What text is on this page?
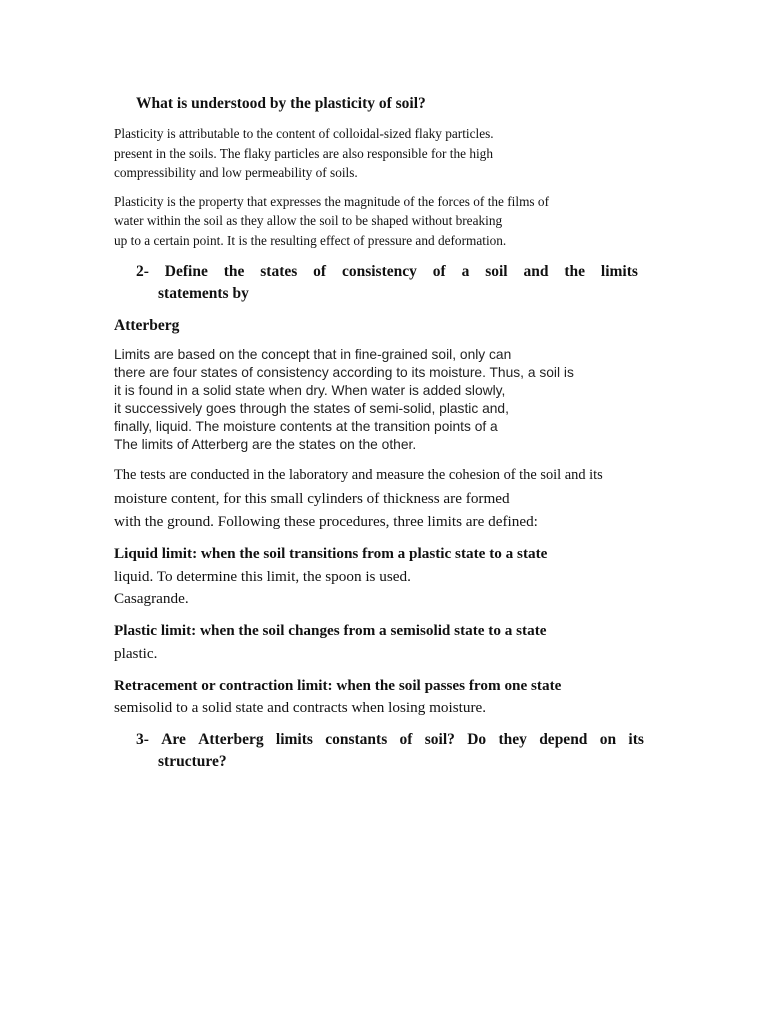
What is understood by the plasticity of soil?
Plasticity is attributable to the content of colloidal-sized flaky particles.
present in the soils. The flaky particles are also responsible for the high
compressibility and low permeability of soils.
Plasticity is the property that expresses the magnitude of the forces of the films of
water within the soil as they allow the soil to be shaped without breaking
up to a certain point. It is the resulting effect of pressure and deformation.
2- Define the states of consistency of a soil and the limits
statements by
Atterberg
Limits are based on the concept that in fine-grained soil, only can
there are four states of consistency according to its moisture. Thus, a soil is
it is found in a solid state when dry. When water is added slowly,
it successively goes through the states of semi-solid, plastic and,
finally, liquid. The moisture contents at the transition points of a
The limits of Atterberg are the states on the other.
The tests are conducted in the laboratory and measure the cohesion of the soil and its
moisture content, for this small cylinders of thickness are formed
with the ground. Following these procedures, three limits are defined:
Liquid limit: when the soil transitions from a plastic state to a state
liquid. To determine this limit, the spoon is used.
Casagrande.
Plastic limit: when the soil changes from a semisolid state to a state
plastic.
Retracement or contraction limit: when the soil passes from one state
semisolid to a solid state and contracts when losing moisture.
3- Are Atterberg limits constants of soil? Do they depend on its
structure?
